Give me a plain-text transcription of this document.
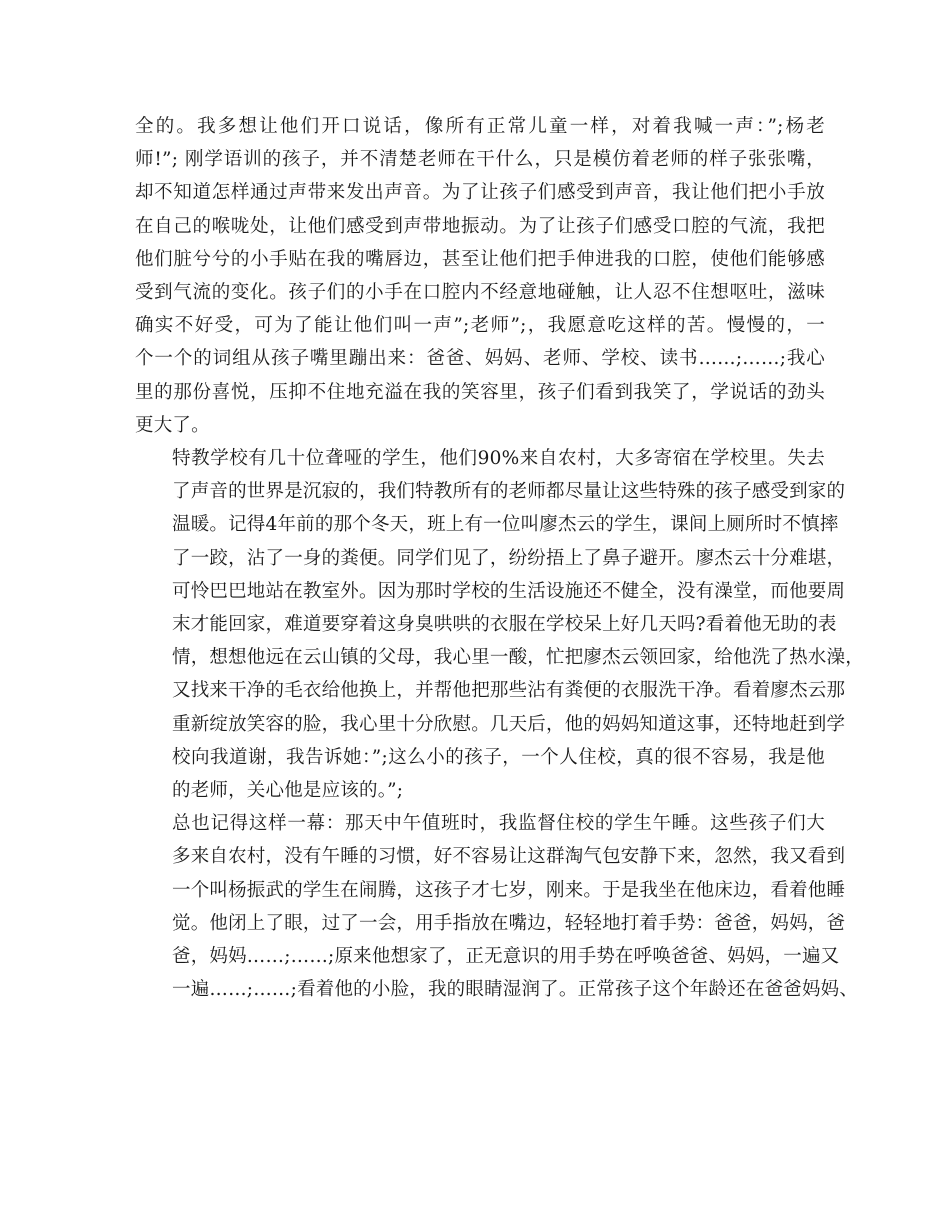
全的。我多想让他们开口说话，像所有正常儿童一样，对着我喊一声：”;杨老
师!”; 刚学语训的孩子，并不清楚老师在干什么，只是模仿着老师的样子张张嘴，
却不知道怎样通过声带来发出声音。为了让孩子们感受到声音，我让他们把小手放
在自己的喉咙处，让他们感受到声带地振动。为了让孩子们感受口腔的气流，我把
他们脏兮兮的小手贴在我的嘴唇边，甚至让他们把手伸进我的口腔，使他们能够感
受到气流的变化。孩子们的小手在口腔内不经意地碰触，让人忍不住想呕吐，滋味
确实不好受，可为了能让他们叫一声”;老师”;，我愿意吃这样的苦。慢慢的，一
个一个的词组从孩子嘴里蹦出来：爸爸、妈妈、老师、学校、读书……;……;我心
里的那份喜悦，压抑不住地充溢在我的笑容里，孩子们看到我笑了，学说话的劲头
更大了。
特教学校有几十位聋哑的学生，他们90%来自农村，大多寄宿在学校里。失去
了声音的世界是沉寂的，我们特教所有的老师都尽量让这些特殊的孩子感受到家的
温暖。记得4年前的那个冬天，班上有一位叫廖杰云的学生，课间上厕所时不慎摔
了一跤，沾了一身的粪便。同学们见了，纷纷捂上了鼻子避开。廖杰云十分难堪，
可怜巴巴地站在教室外。因为那时学校的生活设施还不健全，没有澡堂，而他要周
末才能回家，难道要穿着这身臭哄哄的衣服在学校呆上好几天吗?看着他无助的表
情，想想他远在云山镇的父母，我心里一酸，忙把廖杰云领回家，给他洗了热水澡，
又找来干净的毛衣给他换上，并帮他把那些沾有粪便的衣服洗干净。看着廖杰云那
重新绽放笑容的脸，我心里十分欣慰。几天后，他的妈妈知道这事，还特地赶到学
校向我道谢，我告诉她：”;这么小的孩子，一个人住校，真的很不容易，我是他
的老师，关心他是应该的。”;
总也记得这样一幕：那天中午值班时，我监督住校的学生午睡。这些孩子们大
多来自农村，没有午睡的习惯，好不容易让这群淘气包安静下来，忽然，我又看到
一个叫杨振武的学生在闹腾，这孩子才七岁，刚来。于是我坐在他床边，看着他睡
觉。他闭上了眼，过了一会，用手指放在嘴边，轻轻地打着手势：爸爸，妈妈，爸
爸，妈妈……;……;原来他想家了，正无意识的用手势在呼唤爸爸、妈妈，一遍又
一遍……;……;看着他的小脸，我的眼睛湿润了。正常孩子这个年龄还在爸爸妈妈、
